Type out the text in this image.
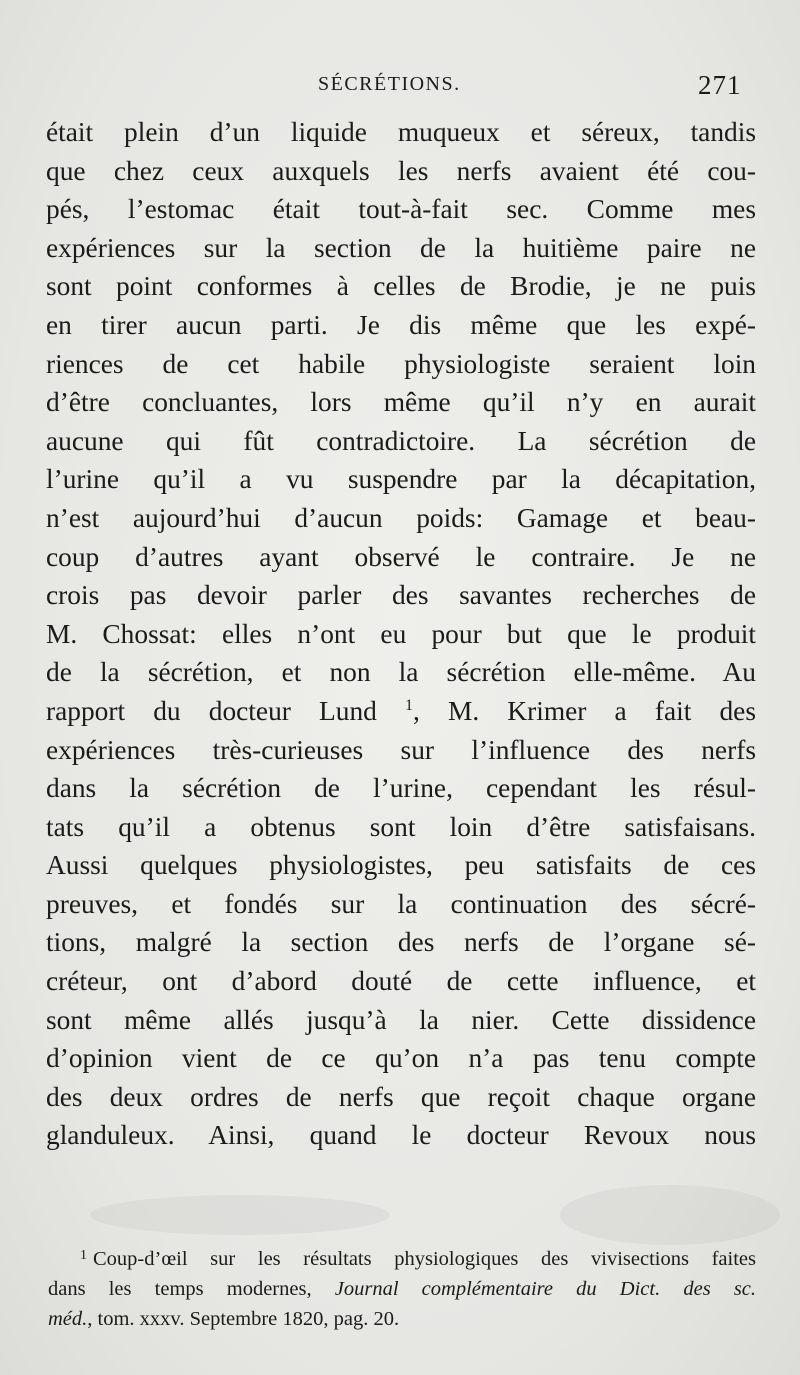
SÉCRÉTIONS.	271
était plein d’un liquide muqueux et séreux, tandis
que chez ceux auxquels les nerfs avaient été cou-
pés, l’estomac était tout-à-fait sec. Comme mes
expériences sur la section de la huitième paire ne
sont point conformes à celles de Brodie, je ne puis
en tirer aucun parti. Je dis même que les expé-
riences de cet habile physiologiste seraient loin
d’être concluantes, lors même qu’il n’y en aurait
aucune qui fût contradictoire. La sécrétion de
l’urine qu’il a vu suspendre par la décapitation,
n’est aujourd’hui d’aucun poids: Gamage et beau-
coup d’autres ayant observé le contraire. Je ne
crois pas devoir parler des savantes recherches de
M. Chossat: elles n’ont eu pour but que le produit
de la sécrétion, et non la sécrétion elle-même. Au
rapport du docteur Lund $^1$, M. Krimer a fait des
expériences très-curieuses sur l’influence des nerfs
dans la sécrétion de l’urine, cependant les résul-
tats qu’il a obtenus sont loin d’être satisfaisans.
Aussi quelques physiologistes, peu satisfaits de ces
preuves, et fondés sur la continuation des sécré-
tions, malgré la section des nerfs de l’organe sé-
créteur, ont d’abord douté de cette influence, et
sont même allés jusqu’à la nier. Cette dissidence
d’opinion vient de ce qu’on n’a pas tenu compte
des deux ordres de nerfs que reçoit chaque organe
glanduleux. Ainsi, quand le docteur Revoux nous
$^1$ Coup-d’œil sur les résultats physiologiques des vivisections faites
dans les temps modernes, Journal complémentaire du Dict. des sc.
méd., tom. xxxv. Septembre 1820, pag. 20.
